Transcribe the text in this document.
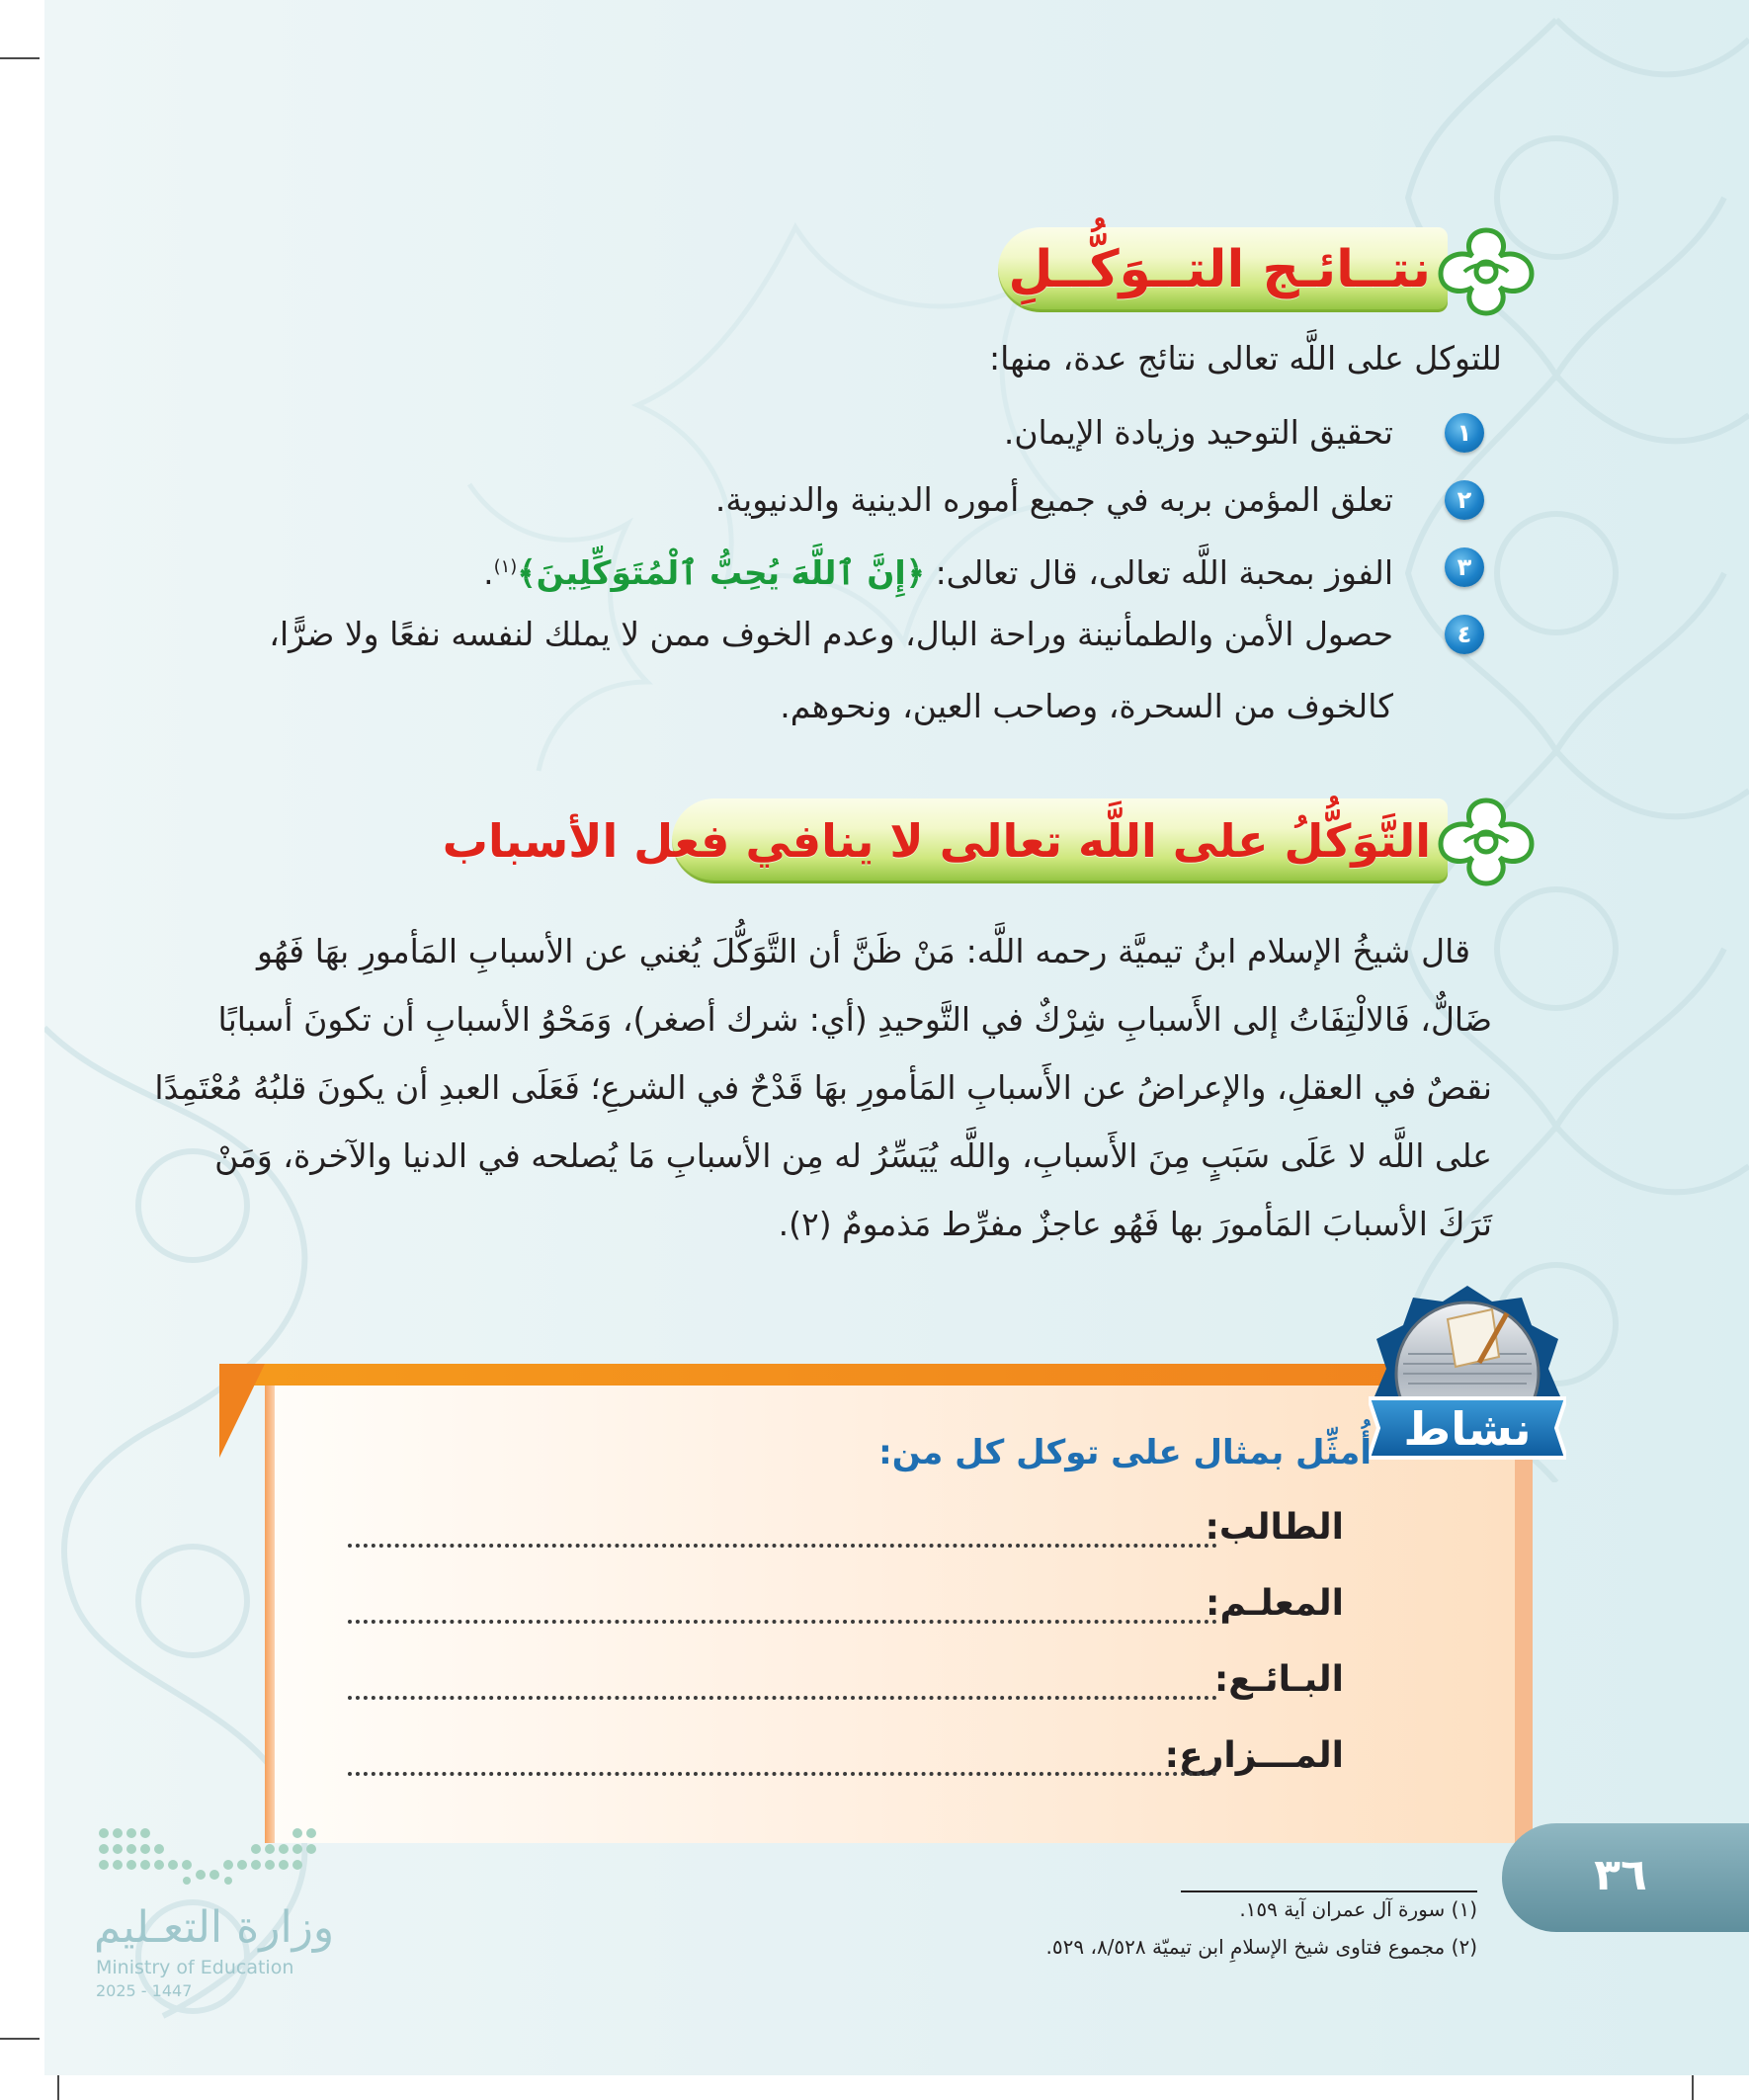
نتــائـج التــوَكُّــلِ
للتوكل على اللَّه تعالى نتائج عدة، منها:
١
تحقيق التوحيد وزيادة الإيمان.
٢
تعلق المؤمن بربه في جميع أموره الدينية والدنيوية.
٣
الفوز بمحبة اللَّه تعالى، قال تعالى: ﴿إِنَّ ٱللَّهَ يُحِبُّ ٱلْمُتَوَكِّلِينَ﴾$^{(١)}$.
٤
حصول الأمن والطمأنينة وراحة البال، وعدم الخوف ممن لا يملك لنفسه نفعًا ولا ضرًّا،
كالخوف من السحرة، وصاحب العين، ونحوهم.
التَّوَكُّلُ على اللَّه تعالى لا ينافي فعل الأسباب
قال شيخُ الإسلام ابنُ تيميَّة رحمه اللَّه: مَنْ ظَنَّ أن التَّوَكُّلَ يُغني عن الأسبابِ المَأمورِ بهَا فَهُو
ضَالٌّ، فَالالْتِفَاتُ إلى الأَسبابِ شِرْكٌ في التَّوحيدِ (أي: شرك أصغر)، وَمَحْوُ الأسبابِ أن تكونَ أسبابًا
نقصٌ في العقلِ، والإعراضُ عن الأَسبابِ المَأمورِ بهَا قَدْحٌ في الشرعِ؛ فَعَلَى العبدِ أن يكونَ قلبُهُ مُعْتَمِدًا
على اللَّه لا عَلَى سَبَبٍ مِنَ الأَسبابِ، واللَّه يُيَسِّرُ له مِن الأسبابِ مَا يُصلحه في الدنيا والآخرة، وَمَنْ
تَرَكَ الأسبابَ المَأمورَ بها فَهُو عاجزٌ مفرِّط مَذمومٌ (٢).
نشاط
أُمثِّل بمثال على توكل كل من:
الطالب:
المعلـم:
البـائـع:
المـــزارع:
٣٦
(١) سورة آل عمران آية ١٥٩.
(٢) مجموع فتاوى شيخ الإسلامِ ابن تيميّة ٨/٥٢٨، ٥٢٩.
وزارة التعـليم
Ministry of Education
2025 - 1447
